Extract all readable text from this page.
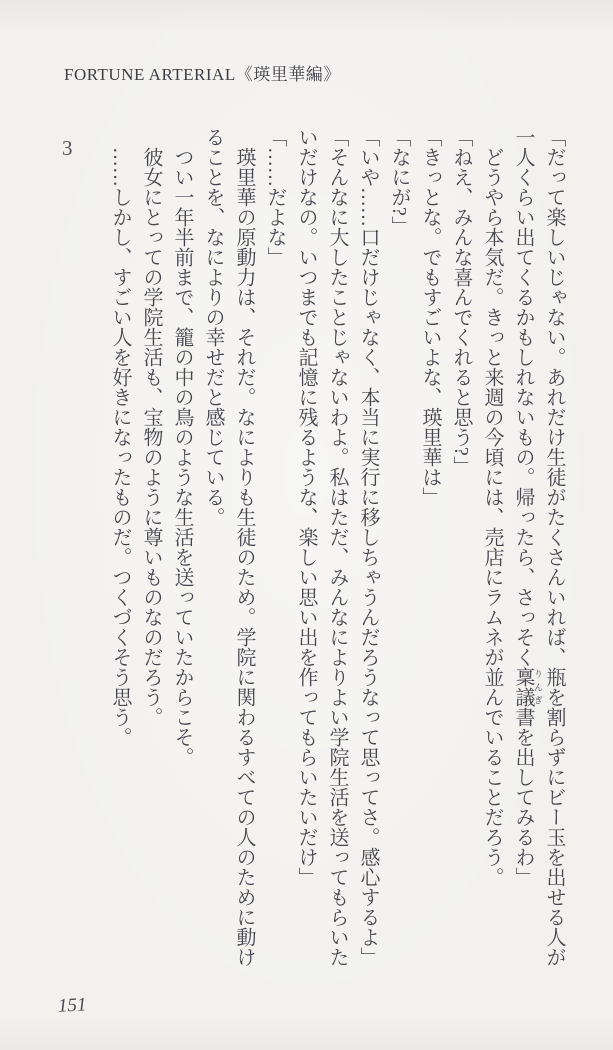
FORTUNE ARTERIAL《瑛里華編》
3	「だって楽しいじゃない。あれだけ生徒がたくさんいれば、瓶を割らずにビー玉を出せる人が一人くらい出てくるかもしれないもの。帰ったら、さっそく稟議 りんぎ書を出してみるわ」

どうやら本気だ。きっと来週の今頃には、売店にラムネが並んでいることだろう。

「ねえ、みんな喜んでくれると思う?」

「きっとな。でもすごいよな、瑛里華は」

「なにが?」

「いや……口だけじゃなく、本当に実行に移しちゃうんだろうなって思ってさ。感心するよ」

「そんなに大したことじゃないわよ。私はただ、みんなによりよい学院生活を送ってもらいたいだけなの。いつまでも記憶に残るような、楽しい思い出を作ってもらいたいだけ」

「……だよな」

瑛里華の原動力は、それだ。なによりも生徒のため。学院に関わるすべての人のために動けることを、なによりの幸せだと感じている。

つい一年半前まで、籠の中の鳥のような生活を送っていたからこそ。

彼女にとっての学院生活も、宝物のように尊いものなのだろう。

……しかし、すごい人を好きになったものだ。つくづくそう思う。

151
